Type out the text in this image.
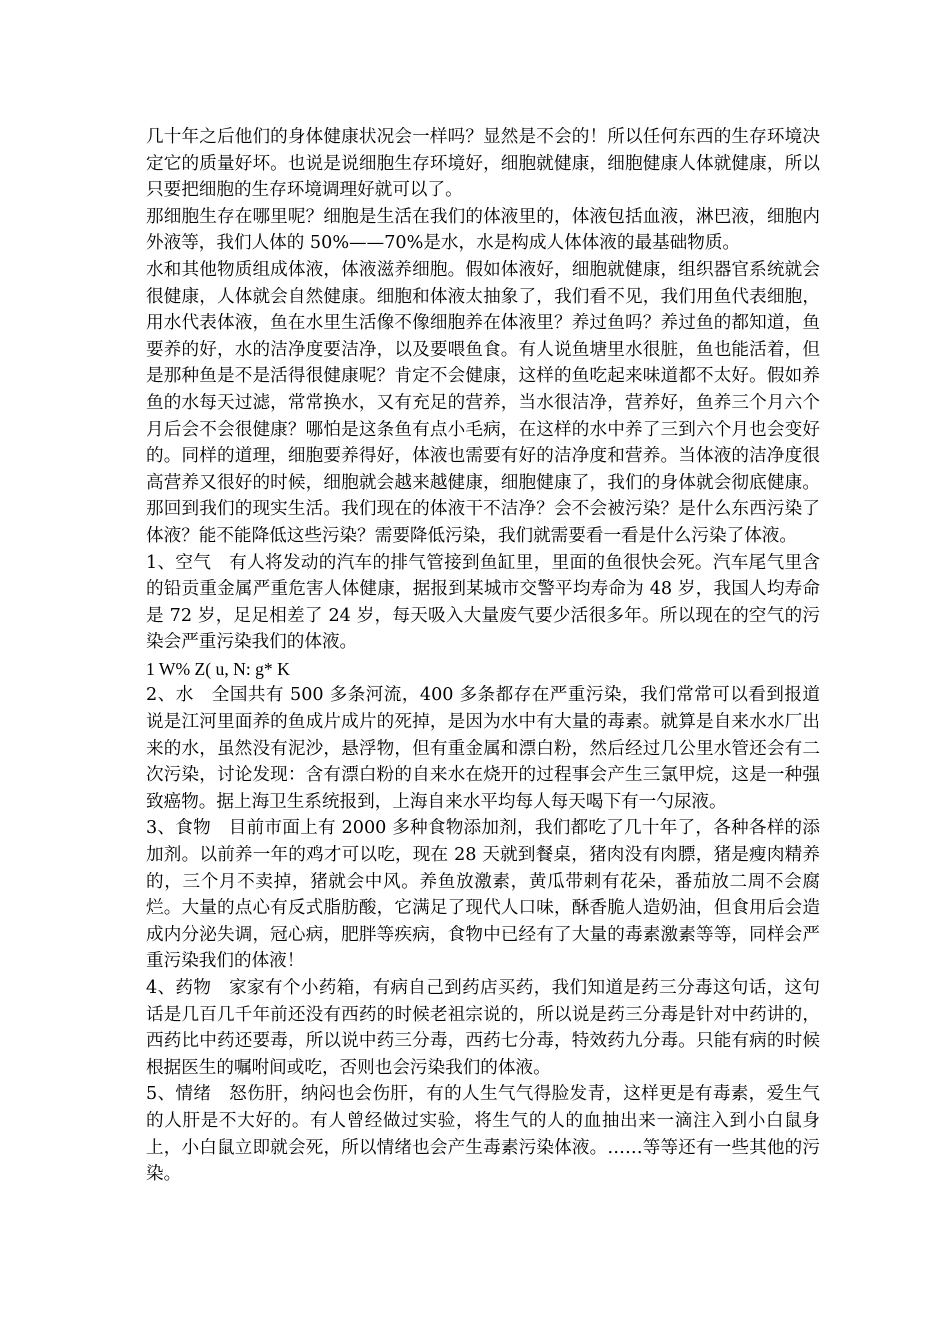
几十年之后他们的身体健康状况会一样吗？显然是不会的！所以任何东西的生存环境决定它的质量好坏。也说是说细胞生存环境好，细胞就健康，细胞健康人体就健康，所以只要把细胞的生存环境调理好就可以了。

那细胞生存在哪里呢？细胞是生活在我们的体液里的，体液包括血液，淋巴液，细胞内外液等，我们人体的 50%——70%是水，水是构成人体体液的最基础物质。

水和其他物质组成体液，体液滋养细胞。假如体液好，细胞就健康，组织器官系统就会很健康，人体就会自然健康。细胞和体液太抽象了，我们看不见，我们用鱼代表细胞，用水代表体液，鱼在水里生活像不像细胞养在体液里？养过鱼吗？养过鱼的都知道，鱼要养的好，水的洁净度要洁净，以及要喂鱼食。有人说鱼塘里水很脏，鱼也能活着，但是那种鱼是不是活得很健康呢？肯定不会健康，这样的鱼吃起来味道都不太好。假如养鱼的水每天过滤，常常换水，又有充足的营养，当水很洁净，营养好，鱼养三个月六个月后会不会很健康？哪怕是这条鱼有点小毛病，在这样的水中养了三到六个月也会变好的。同样的道理，细胞要养得好，体液也需要有好的洁净度和营养。当体液的洁净度很高营养又很好的时候，细胞就会越来越健康，细胞健康了，我们的身体就会彻底健康。那回到我们的现实生活。我们现在的体液干不洁净？会不会被污染？是什么东西污染了体液？能不能降低这些污染？需要降低污染，我们就需要看一看是什么污染了体液。

1、空气　有人将发动的汽车的排气管接到鱼缸里，里面的鱼很快会死。汽车尾气里含的铅贡重金属严重危害人体健康，据报到某城市交警平均寿命为 48 岁，我国人均寿命是 72 岁，足足相差了 24 岁，每天吸入大量废气要少活很多年。所以现在的空气的污染会严重污染我们的体液。

1 W% Z( u, N: g* K

2、水　全国共有 500 多条河流，400 多条都存在严重污染，我们常常可以看到报道说是江河里面养的鱼成片成片的死掉，是因为水中有大量的毒素。就算是自来水水厂出来的水，虽然没有泥沙，悬浮物，但有重金属和漂白粉，然后经过几公里水管还会有二次污染，讨论发现：含有漂白粉的自来水在烧开的过程事会产生三氯甲烷，这是一种强致癌物。据上海卫生系统报到，上海自来水平均每人每天喝下有一勺尿液。

3、食物　目前市面上有 2000 多种食物添加剂，我们都吃了几十年了，各种各样的添加剂。以前养一年的鸡才可以吃，现在 28 天就到餐桌，猪肉没有肉膘，猪是瘦肉精养的，三个月不卖掉，猪就会中风。养鱼放激素，黄瓜带刺有花朵，番茄放二周不会腐烂。大量的点心有反式脂肪酸，它满足了现代人口味，酥香脆人造奶油，但食用后会造成内分泌失调，冠心病，肥胖等疾病，食物中已经有了大量的毒素激素等等，同样会严重污染我们的体液！

4、药物　家家有个小药箱，有病自己到药店买药，我们知道是药三分毒这句话，这句话是几百几千年前还没有西药的时候老祖宗说的，所以说是药三分毒是针对中药讲的，西药比中药还要毒，所以说中药三分毒，西药七分毒，特效药九分毒。只能有病的时候根据医生的嘱咐间或吃，否则也会污染我们的体液。

5、情绪　怒伤肝，纳闷也会伤肝，有的人生气气得脸发青，这样更是有毒素，爱生气的人肝是不大好的。有人曾经做过实验，将生气的人的血抽出来一滴注入到小白鼠身上，小白鼠立即就会死，所以情绪也会产生毒素污染体液。……等等还有一些其他的污染。
